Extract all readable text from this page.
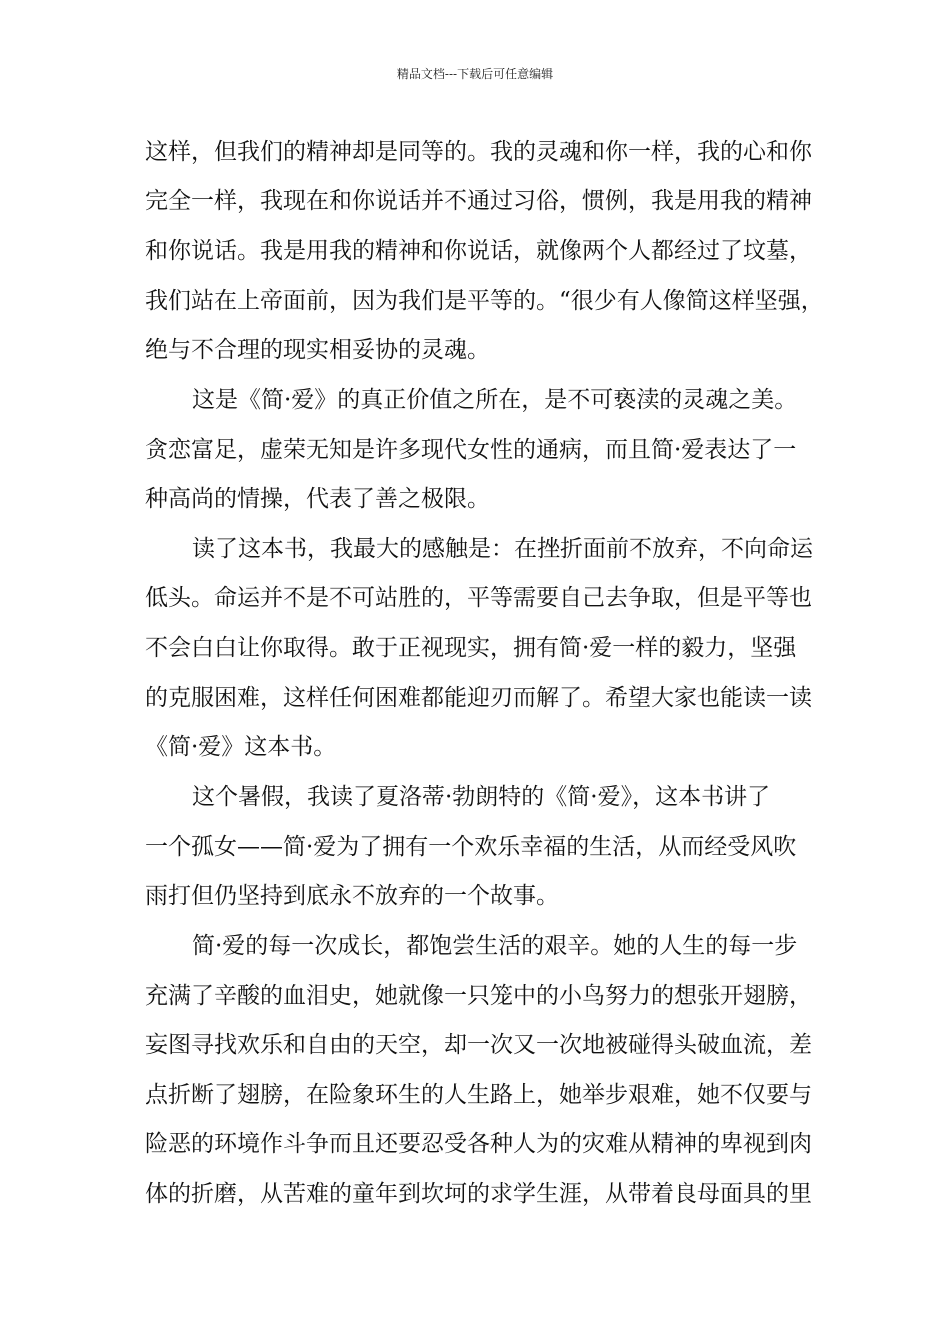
精品文档---下载后可任意编辑
这样，但我们的精神却是同等的。我的灵魂和你一样，我的心和你
完全一样，我现在和你说话并不通过习俗，惯例，我是用我的精神
和你说话。我是用我的精神和你说话，就像两个人都经过了坟墓，
我们站在上帝面前，因为我们是平等的。“很少有人像简这样坚强，
绝与不合理的现实相妥协的灵魂。
这是《简·爱》的真正价值之所在，是不可亵渎的灵魂之美。
贪恋富足，虚荣无知是许多现代女性的通病，而且简·爱表达了一
种高尚的情操，代表了善之极限。
读了这本书，我最大的感触是：在挫折面前不放弃，不向命运
低头。命运并不是不可站胜的，平等需要自己去争取，但是平等也
不会白白让你取得。敢于正视现实，拥有简·爱一样的毅力，坚强
的克服困难，这样任何困难都能迎刃而解了。希望大家也能读一读
《简·爱》这本书。
这个暑假，我读了夏洛蒂·勃朗特的《简·爱》，这本书讲了
一个孤女——简·爱为了拥有一个欢乐幸福的生活，从而经受风吹
雨打但仍坚持到底永不放弃的一个故事。
简·爱的每一次成长，都饱尝生活的艰辛。她的人生的每一步
充满了辛酸的血泪史，她就像一只笼中的小鸟努力的想张开翅膀，
妄图寻找欢乐和自由的天空，却一次又一次地被碰得头破血流，差
点折断了翅膀，在险象环生的人生路上，她举步艰难，她不仅要与
险恶的环境作斗争而且还要忍受各种人为的灾难从精神的卑视到肉
体的折磨，从苦难的童年到坎坷的求学生涯，从带着良母面具的里
